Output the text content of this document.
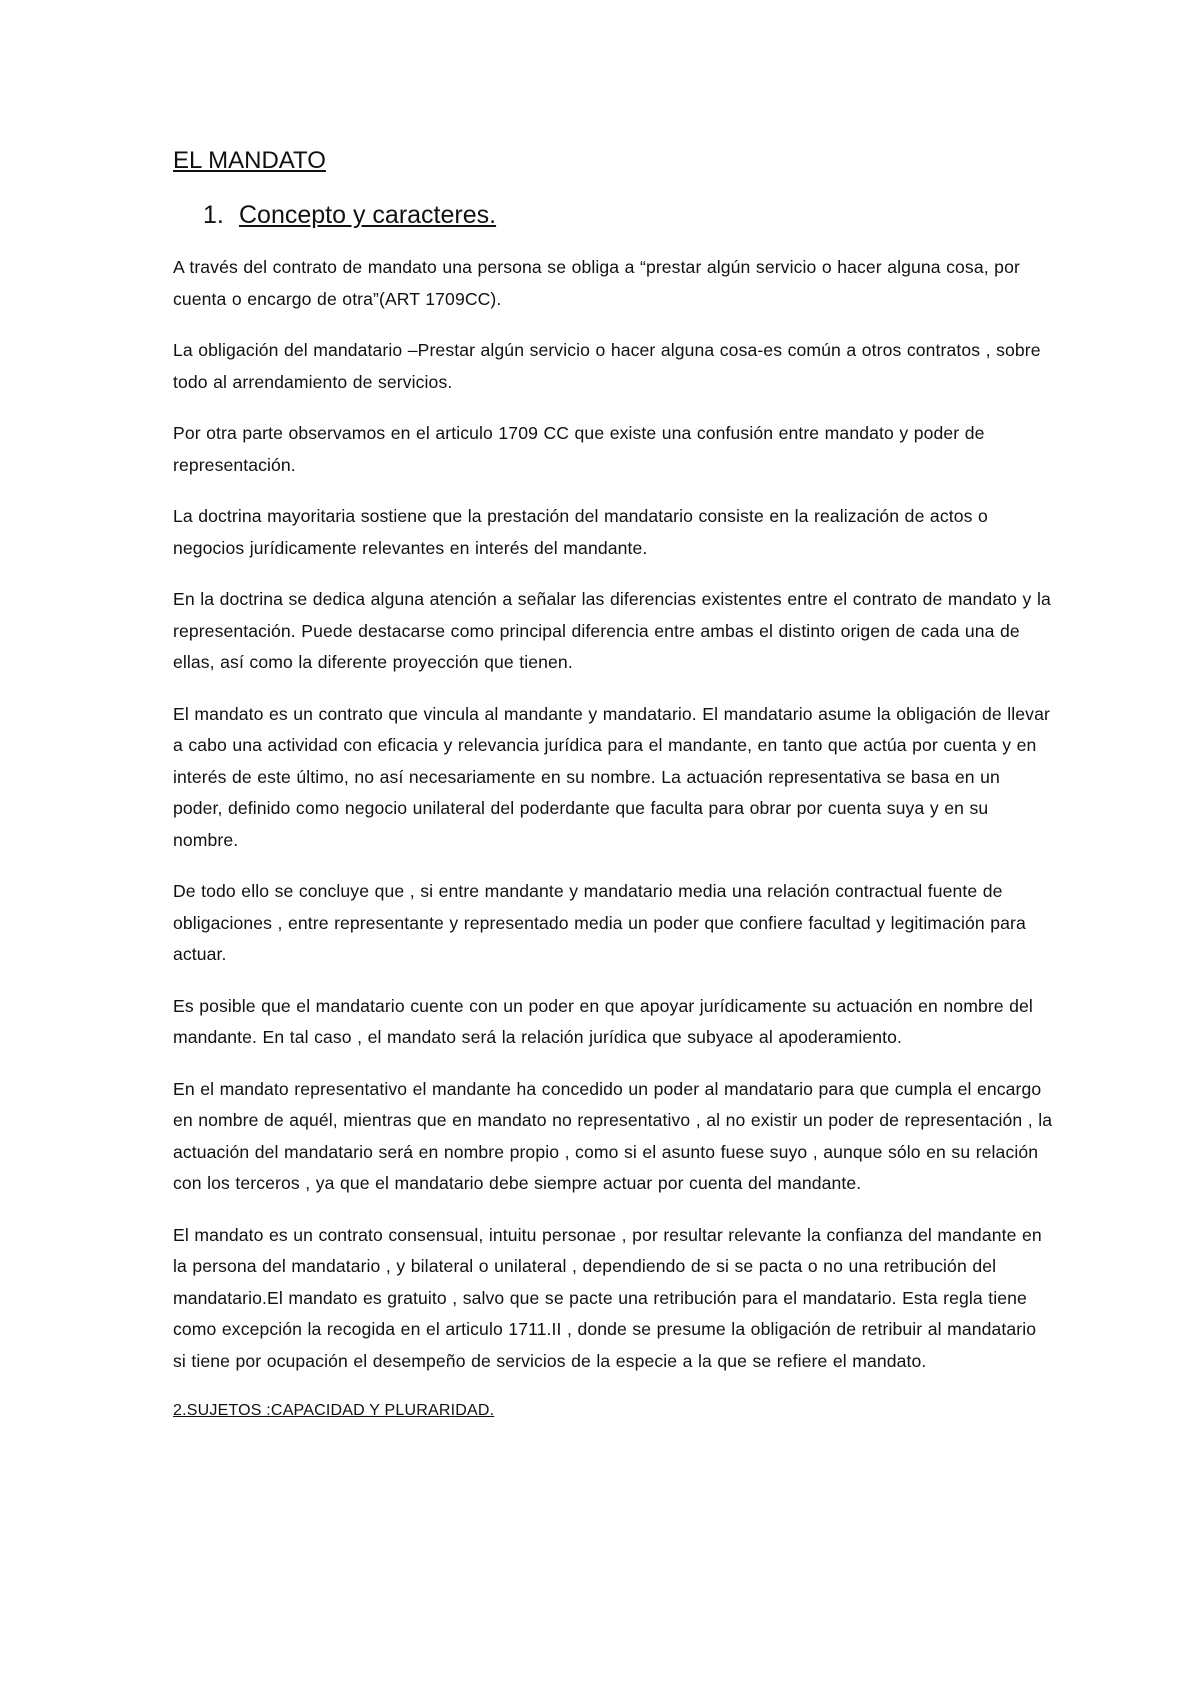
EL MANDATO
1. Concepto y caracteres.

A través del contrato de mandato una persona se obliga a “prestar algún servicio o hacer alguna cosa, por cuenta o encargo de otra”(ART 1709CC).

La obligación del mandatario –Prestar algún servicio o hacer alguna cosa-es común a otros contratos , sobre todo al arrendamiento de servicios.

Por otra parte observamos en el articulo 1709 CC que existe una confusión entre mandato y poder de representación.

La doctrina mayoritaria sostiene que la prestación del mandatario consiste en la realización de actos o negocios jurídicamente relevantes en interés del mandante.

En la doctrina se dedica alguna atención a señalar las diferencias existentes entre el contrato de mandato y la representación. Puede destacarse como principal diferencia entre ambas el distinto origen de cada una de ellas, así como la diferente proyección que tienen.

El mandato es un contrato que vincula al mandante y mandatario. El mandatario asume la obligación de llevar a cabo una actividad con eficacia y relevancia jurídica para el mandante, en tanto que actúa por cuenta y en interés de este último, no así necesariamente en su nombre. La actuación representativa se basa en un poder, definido como negocio unilateral del poderdante que faculta para obrar por cuenta suya y en su nombre.

De todo ello se concluye que , si entre mandante y mandatario media una relación contractual fuente de obligaciones , entre representante y representado media un poder que confiere facultad y legitimación para actuar.

Es posible que el mandatario cuente con un poder en que apoyar jurídicamente su actuación en nombre del mandante. En tal caso , el mandato será la relación jurídica que subyace al apoderamiento.

En el mandato representativo el mandante ha concedido un poder al mandatario para que cumpla el encargo en nombre de aquél, mientras que en mandato no representativo , al no existir un poder de representación , la actuación del mandatario será en nombre propio , como si el asunto fuese suyo , aunque sólo en su relación con los terceros , ya que el mandatario debe siempre actuar por cuenta del mandante.

El mandato es un contrato consensual, intuitu personae , por resultar relevante la confianza del mandante en la persona del mandatario , y bilateral o unilateral , dependiendo de si se pacta o no una retribución del mandatario.El mandato es gratuito , salvo que se pacte una retribución para el mandatario. Esta regla tiene como excepción la recogida en el articulo 1711.II , donde se presume la obligación de retribuir al mandatario si tiene por ocupación el desempeño de servicios de la especie a la que se refiere el mandato.

2.SUJETOS :CAPACIDAD Y PLURARIDAD.
